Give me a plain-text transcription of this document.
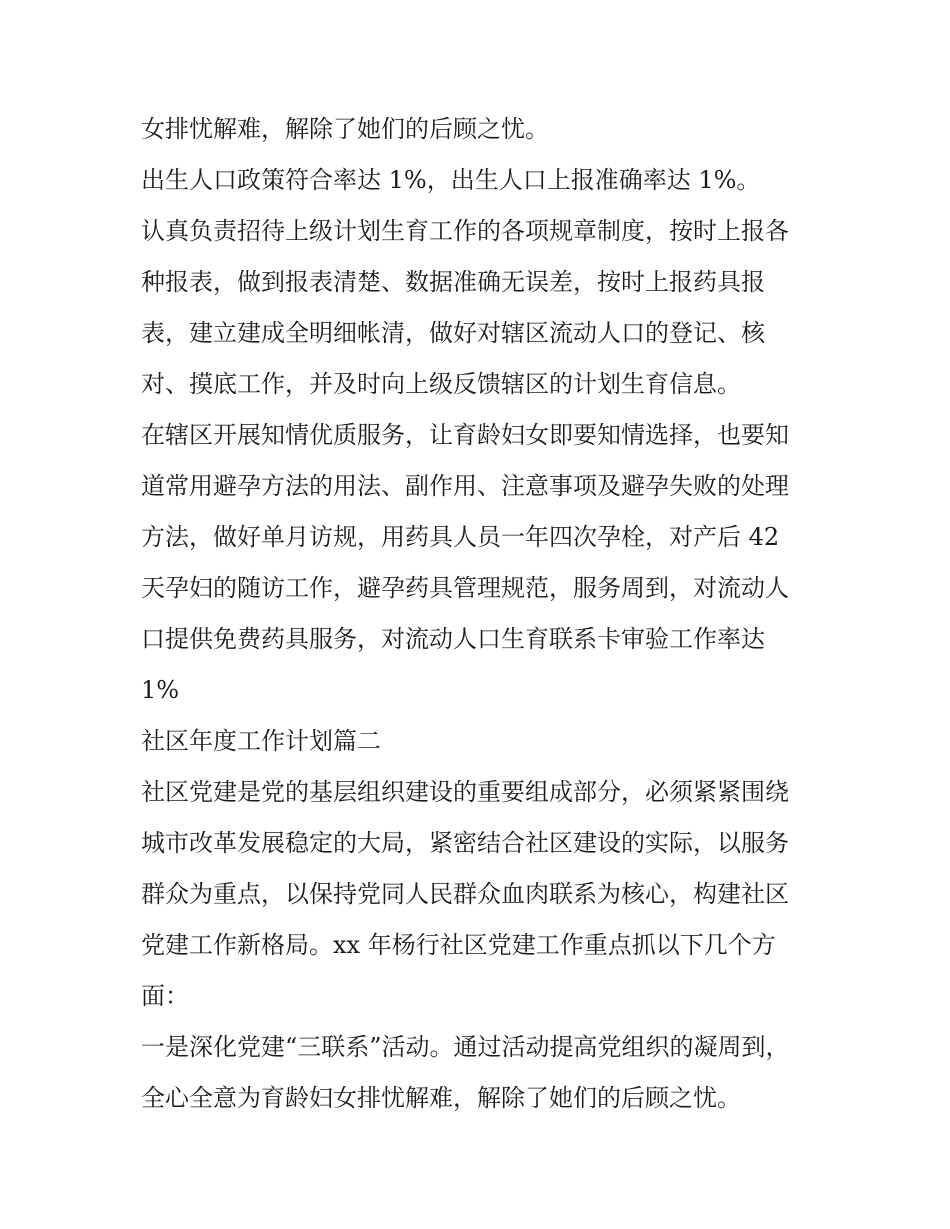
女排忧解难，解除了她们的后顾之忧。
出生人口政策符合率达 1%，出生人口上报准确率达 1%。
认真负责招待上级计划生育工作的各项规章制度，按时上报各
种报表，做到报表清楚、数据准确无误差，按时上报药具报
表，建立建成全明细帐清，做好对辖区流动人口的登记、核
对、摸底工作，并及时向上级反馈辖区的计划生育信息。
在辖区开展知情优质服务，让育龄妇女即要知情选择，也要知
道常用避孕方法的用法、副作用、注意事项及避孕失败的处理
方法，做好单月访规，用药具人员一年四次孕栓，对产后 42
天孕妇的随访工作，避孕药具管理规范，服务周到，对流动人
口提供免费药具服务，对流动人口生育联系卡审验工作率达
1%
社区年度工作计划篇二
社区党建是党的基层组织建设的重要组成部分，必须紧紧围绕
城市改革发展稳定的大局，紧密结合社区建设的实际，以服务
群众为重点，以保持党同人民群众血肉联系为核心，构建社区
党建工作新格局。xx 年杨行社区党建工作重点抓以下几个方
面：
一是深化党建“三联系”活动。通过活动提高党组织的凝周到，
全心全意为育龄妇女排忧解难，解除了她们的后顾之忧。
